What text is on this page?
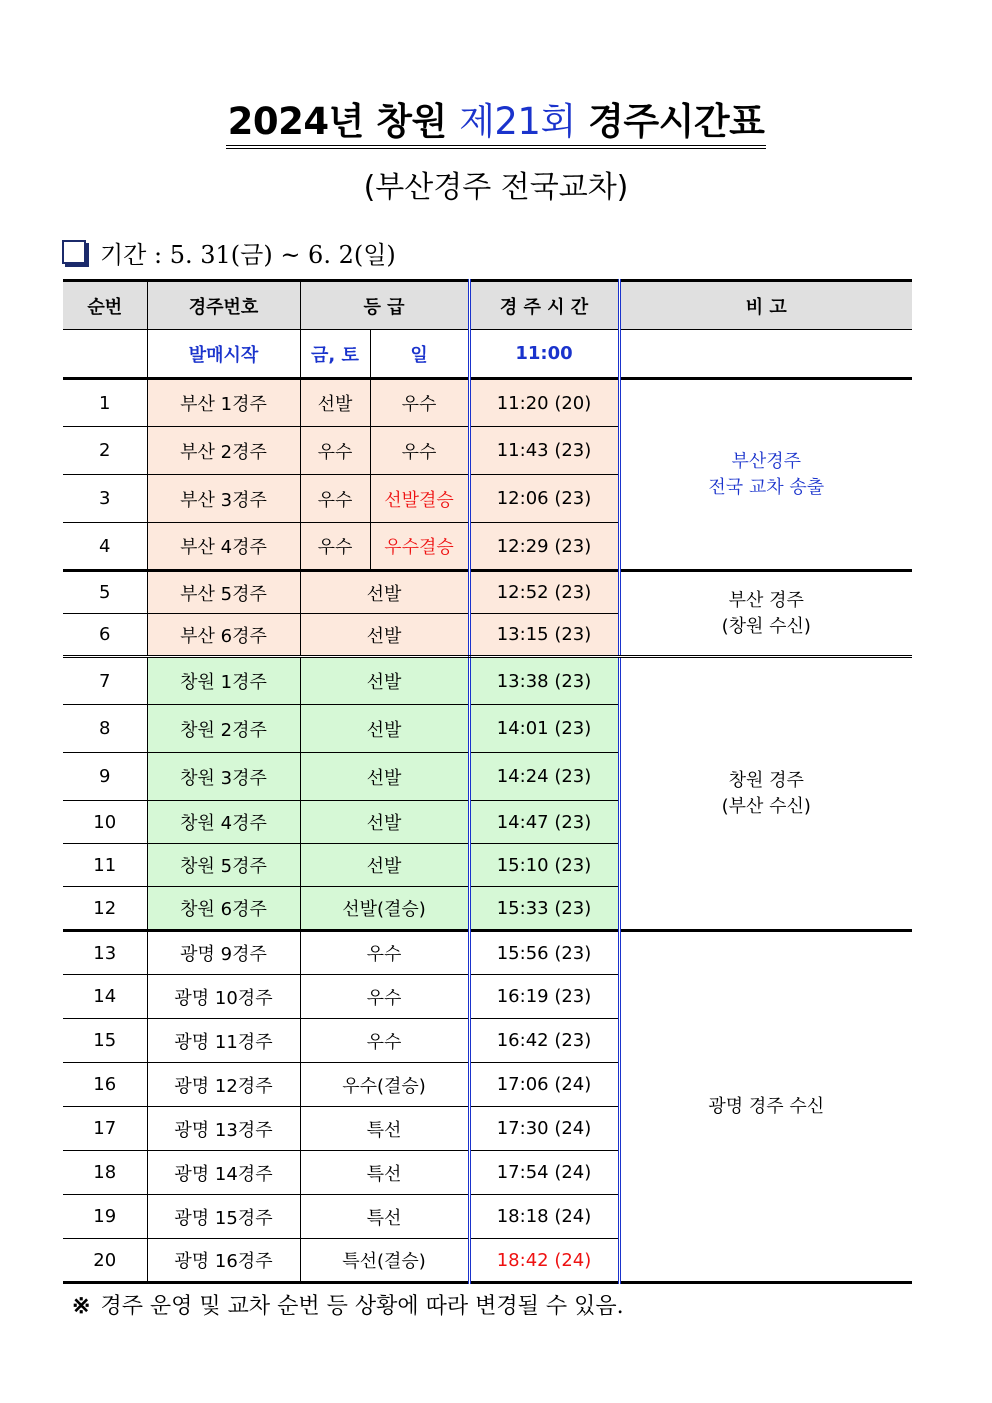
2024년 창원 제21회 경주시간표
(부산경주 전국교차)
기간 : 5. 31(금) ~ 6. 2(일)
순번	경주번호	등 급		경 주 시 간	비 고
	발매시작	금, 토	일	11:00	
1	부산 1경주	선발	우수	11:20 (20)	부산경주
전국 교차 송출

2	부산 2경주	우수	우수	11:43 (23)	
3	부산 3경주	우수	선발결승	12:06 (23)	
4	부산 4경주	우수	우수결승	12:29 (23)	
5	부산 5경주	선발		12:52 (23)	부산 경주
(창원 수신)

6	부산 6경주	선발		13:15 (23)	
7	창원 1경주	선발		13:38 (23)	창원 경주
(부산 수신)

8	창원 2경주	선발		14:01 (23)	
9	창원 3경주	선발		14:24 (23)	
10	창원 4경주	선발		14:47 (23)	
11	창원 5경주	선발		15:10 (23)	
12	창원 6경주	선발(결승)		15:33 (23)	
13	광명 9경주	우수		15:56 (23)	광명 경주 수신
14	광명 10경주	우수		16:19 (23)	
15	광명 11경주	우수		16:42 (23)	
16	광명 12경주	우수(결승)		17:06 (24)	
17	광명 13경주	특선		17:30 (24)	
18	광명 14경주	특선		17:54 (24)	
19	광명 15경주	특선		18:18 (24)	
20	광명 16경주	특선(결승)		18:42 (24)	
※ 경주 운영 및 교차 순번 등 상황에 따라 변경될 수 있음.
